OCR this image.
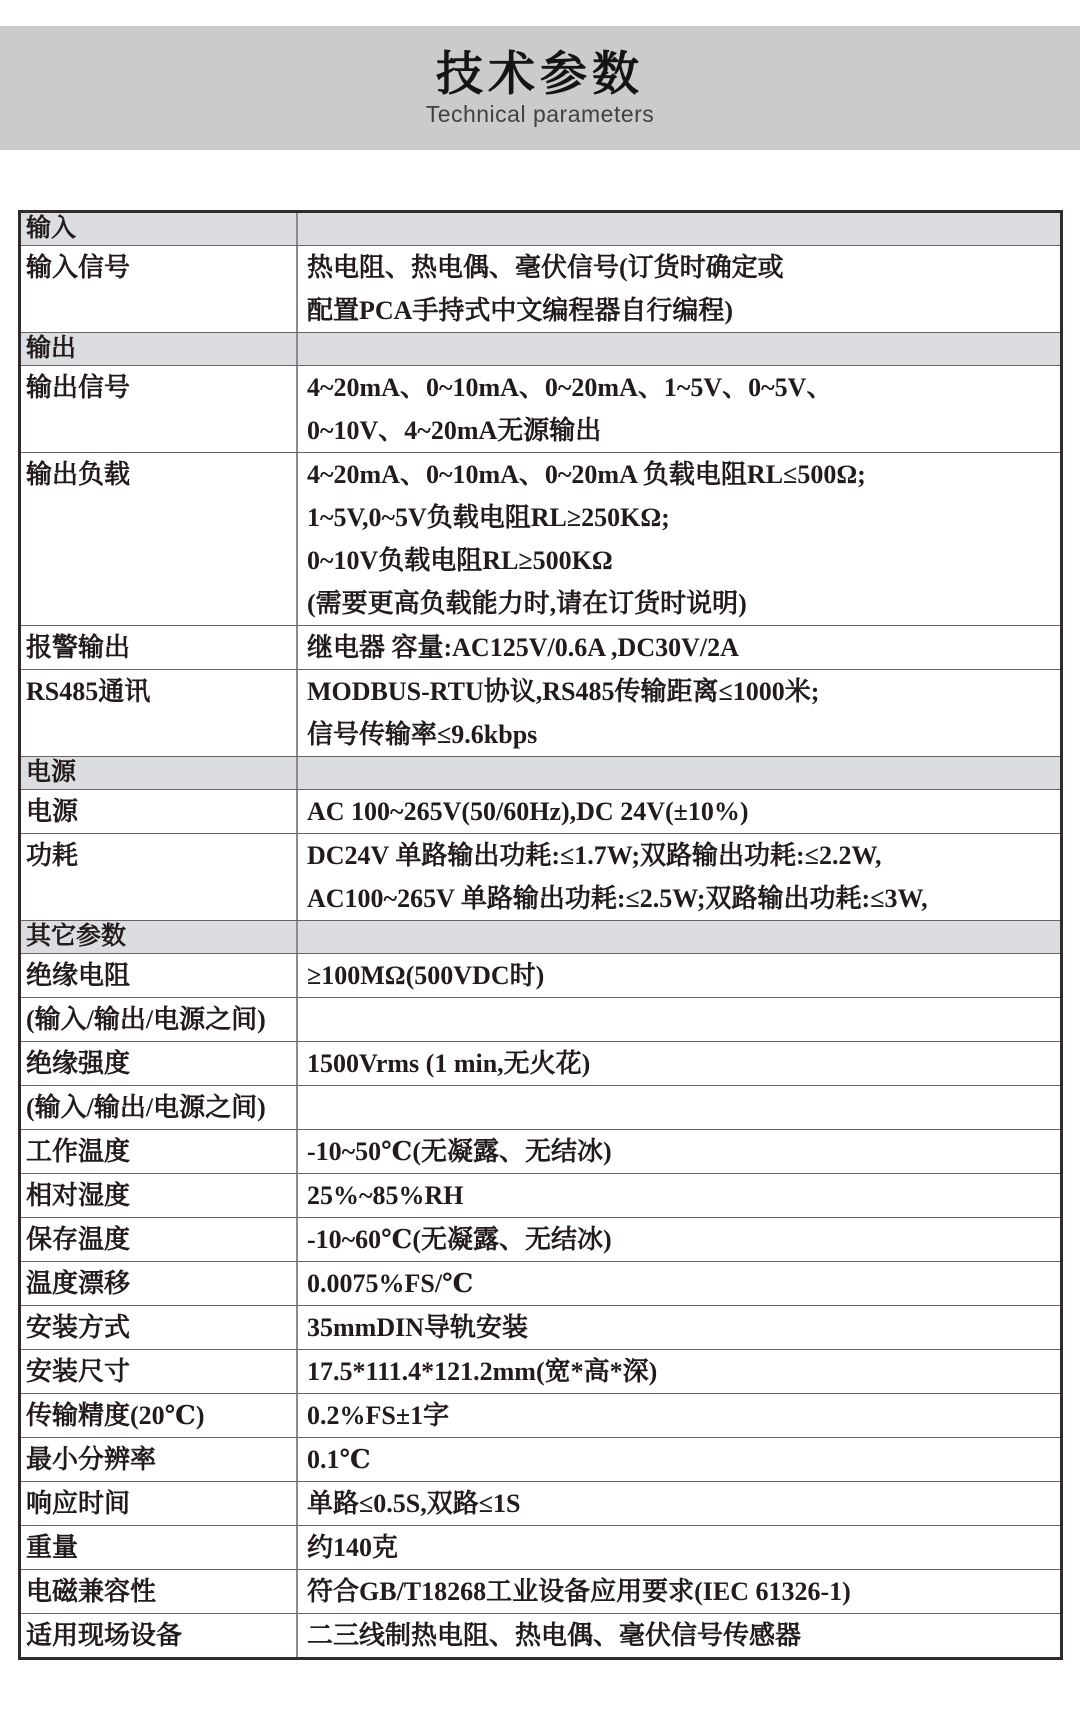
技术参数
Technical parameters
输入
输入信号	热电阻、热电偶、毫伏信号(订货时确定或
配置PCA手持式中文编程器自行编程)
输出
输出信号	4~20mA、0~10mA、0~20mA、1~5V、0~5V、
0~10V、4~20mA无源输出
输出负载	4~20mA、0~10mA、0~20mA 负载电阻RL≤500Ω;
1~5V,0~5V负载电阻RL≥250KΩ;
0~10V负载电阻RL≥500KΩ
(需要更高负载能力时,请在订货时说明)
报警输出	继电器 容量:AC125V/0.6A ,DC30V/2A
RS485通讯	MODBUS-RTU协议,RS485传输距离≤1000米;
信号传输率≤9.6kbps
电源
电源	AC 100~265V(50/60Hz),DC 24V(±10%)
功耗	DC24V 单路输出功耗:≤1.7W;双路输出功耗:≤2.2W,
AC100~265V 单路输出功耗:≤2.5W;双路输出功耗:≤3W,
其它参数
绝缘电阻	≥100MΩ(500VDC时)
(输入/输出/电源之间)
绝缘强度	1500Vrms (1 min,无火花)
(输入/输出/电源之间)
工作温度	-10~50℃(无凝露、无结冰)
相对湿度	25%~85%RH
保存温度	-10~60℃(无凝露、无结冰)
温度漂移	0.0075%FS/℃
安装方式	35mmDIN导轨安装
安装尺寸	17.5*111.4*121.2mm(宽*高*深)
传输精度(20℃)	0.2%FS±1字
最小分辨率	0.1℃
响应时间	单路≤0.5S,双路≤1S
重量	约140克
电磁兼容性	符合GB/T18268工业设备应用要求(IEC 61326-1)
适用现场设备	二三线制热电阻、热电偶、毫伏信号传感器
